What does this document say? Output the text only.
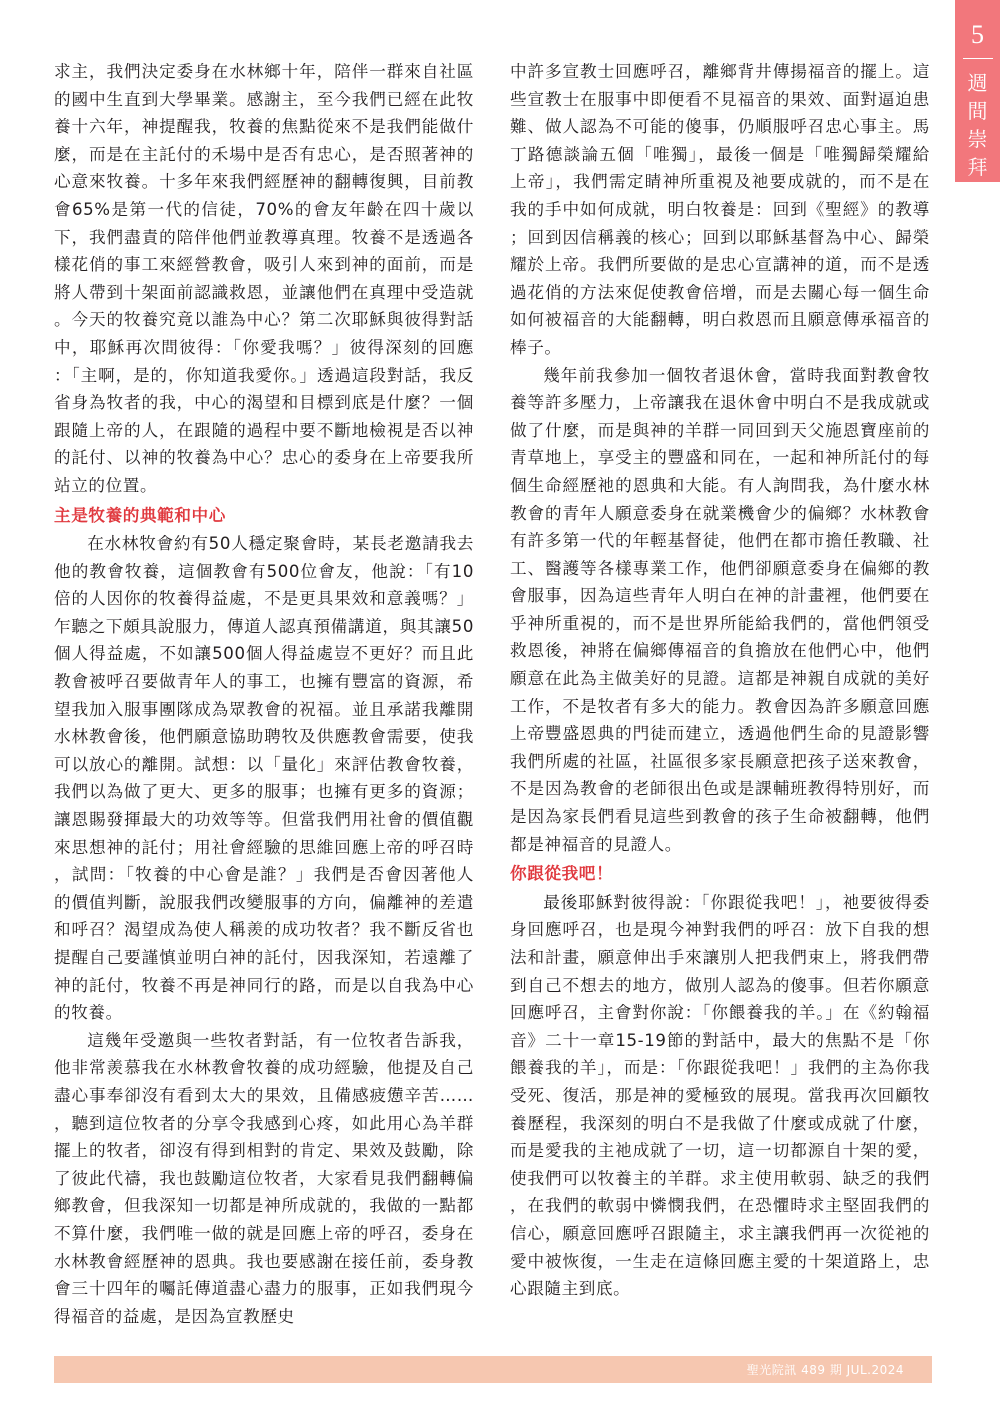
5
週
間
崇
拜

求主，我們決定委身在水林鄉十年，陪伴一群來自社區的國中生直到大學畢業。感謝主，至今我們已經在此牧養十六年，神提醒我，牧養的焦點從來不是我們能做什麼，而是在主託付的禾場中是否有忠心，是否照著神的心意來牧養。十多年來我們經歷神的翻轉復興，目前教會65%是第一代的信徒，70%的會友年齡在四十歲以下，我們盡責的陪伴他們並教導真理。牧養不是透過各樣花俏的事工來經營教會，吸引人來到神的面前，而是將人帶到十架面前認識救恩，並讓他們在真理中受造就。今天的牧養究竟以誰為中心？第二次耶穌與彼得對話中，耶穌再次問彼得：「你愛我嗎？」彼得深刻的回應：「主啊，是的，你知道我愛你。」透過這段對話，我反省身為牧者的我，中心的渴望和目標到底是什麼？一個跟隨上帝的人，在跟隨的過程中要不斷地檢視是否以神的託付、以神的牧養為中心？忠心的委身在上帝要我所站立的位置。

主是牧養的典範和中心

在水林牧會約有50人穩定聚會時，某長老邀請我去他的教會牧養，這個教會有500位會友，他說：「有10倍的人因你的牧養得益處，不是更具果效和意義嗎？」乍聽之下頗具說服力，傳道人認真預備講道，與其讓50個人得益處，不如讓500個人得益處豈不更好？而且此教會被呼召要做青年人的事工，也擁有豐富的資源，希望我加入服事團隊成為眾教會的祝福。並且承諾我離開水林教會後，他們願意協助聘牧及供應教會需要，使我可以放心的離開。試想：以「量化」來評估教會牧養，我們以為做了更大、更多的服事；也擁有更多的資源；讓恩賜發揮最大的功效等等。但當我們用社會的價值觀來思想神的託付；用社會經驗的思維回應上帝的呼召時，試問：「牧養的中心會是誰？」我們是否會因著他人的價值判斷，說服我們改變服事的方向，偏離神的差遣和呼召？渴望成為使人稱羨的成功牧者？我不斷反省也提醒自己要謹慎並明白神的託付，因我深知，若遠離了神的託付，牧養不再是神同行的路，而是以自我為中心的牧養。

這幾年受邀與一些牧者對話，有一位牧者告訴我，他非常羨慕我在水林教會牧養的成功經驗，他提及自己盡心事奉卻沒有看到太大的果效，且備感疲憊辛苦……，聽到這位牧者的分享令我感到心疼，如此用心為羊群擺上的牧者，卻沒有得到相對的肯定、果效及鼓勵，除了彼此代禱，我也鼓勵這位牧者，大家看見我們翻轉偏鄉教會，但我深知一切都是神所成就的，我做的一點都不算什麼，我們唯一做的就是回應上帝的呼召，委身在水林教會經歷神的恩典。我也要感謝在接任前，委身教會三十四年的囑託傳道盡心盡力的服事，正如我們現今得福音的益處，是因為宣教歷史

中許多宣教士回應呼召，離鄉背井傳揚福音的擺上。這些宣教士在服事中即便看不見福音的果效、面對逼迫患難、做人認為不可能的傻事，仍順服呼召忠心事主。馬丁路德談論五個「唯獨」，最後一個是「唯獨歸榮耀給上帝」，我們需定睛神所重視及祂要成就的，而不是在我的手中如何成就，明白牧養是：回到《聖經》的教導；回到因信稱義的核心；回到以耶穌基督為中心、歸榮耀於上帝。我們所要做的是忠心宣講神的道，而不是透過花俏的方法來促使教會倍增，而是去關心每一個生命如何被福音的大能翻轉，明白救恩而且願意傳承福音的棒子。

幾年前我參加一個牧者退休會，當時我面對教會牧養等許多壓力，上帝讓我在退休會中明白不是我成就或做了什麼，而是與神的羊群一同回到天父施恩寶座前的青草地上，享受主的豐盛和同在，一起和神所託付的每個生命經歷祂的恩典和大能。有人詢問我，為什麼水林教會的青年人願意委身在就業機會少的偏鄉？水林教會有許多第一代的年輕基督徒，他們在都市擔任教職、社工、醫護等各樣專業工作，他們卻願意委身在偏鄉的教會服事，因為這些青年人明白在神的計畫裡，他們要在乎神所重視的，而不是世界所能給我們的，當他們領受救恩後，神將在偏鄉傳福音的負擔放在他們心中，他們願意在此為主做美好的見證。這都是神親自成就的美好工作，不是牧者有多大的能力。教會因為許多願意回應上帝豐盛恩典的門徒而建立，透過他們生命的見證影響我們所處的社區，社區很多家長願意把孩子送來教會，不是因為教會的老師很出色或是課輔班教得特別好，而是因為家長們看見這些到教會的孩子生命被翻轉，他們都是神福音的見證人。

你跟從我吧！

最後耶穌對彼得說：「你跟從我吧！」，祂要彼得委身回應呼召，也是現今神對我們的呼召：放下自我的想法和計畫，願意伸出手來讓別人把我們束上，將我們帶到自己不想去的地方，做別人認為的傻事。但若你願意回應呼召，主會對你說：「你餵養我的羊。」在《約翰福音》二十一章15-19節的對話中，最大的焦點不是「你餵養我的羊」，而是：「你跟從我吧！」我們的主為你我受死、復活，那是神的愛極致的展現。當我再次回顧牧養歷程，我深刻的明白不是我做了什麼或成就了什麼，而是愛我的主祂成就了一切，這一切都源自十架的愛，使我們可以牧養主的羊群。求主使用軟弱、缺乏的我們，在我們的軟弱中憐憫我們，在恐懼時求主堅固我們的信心，願意回應呼召跟隨主，求主讓我們再一次從祂的愛中被恢復，一生走在這條回應主愛的十架道路上，忠心跟隨主到底。

聖光院訊 489 期 JUL.2024
